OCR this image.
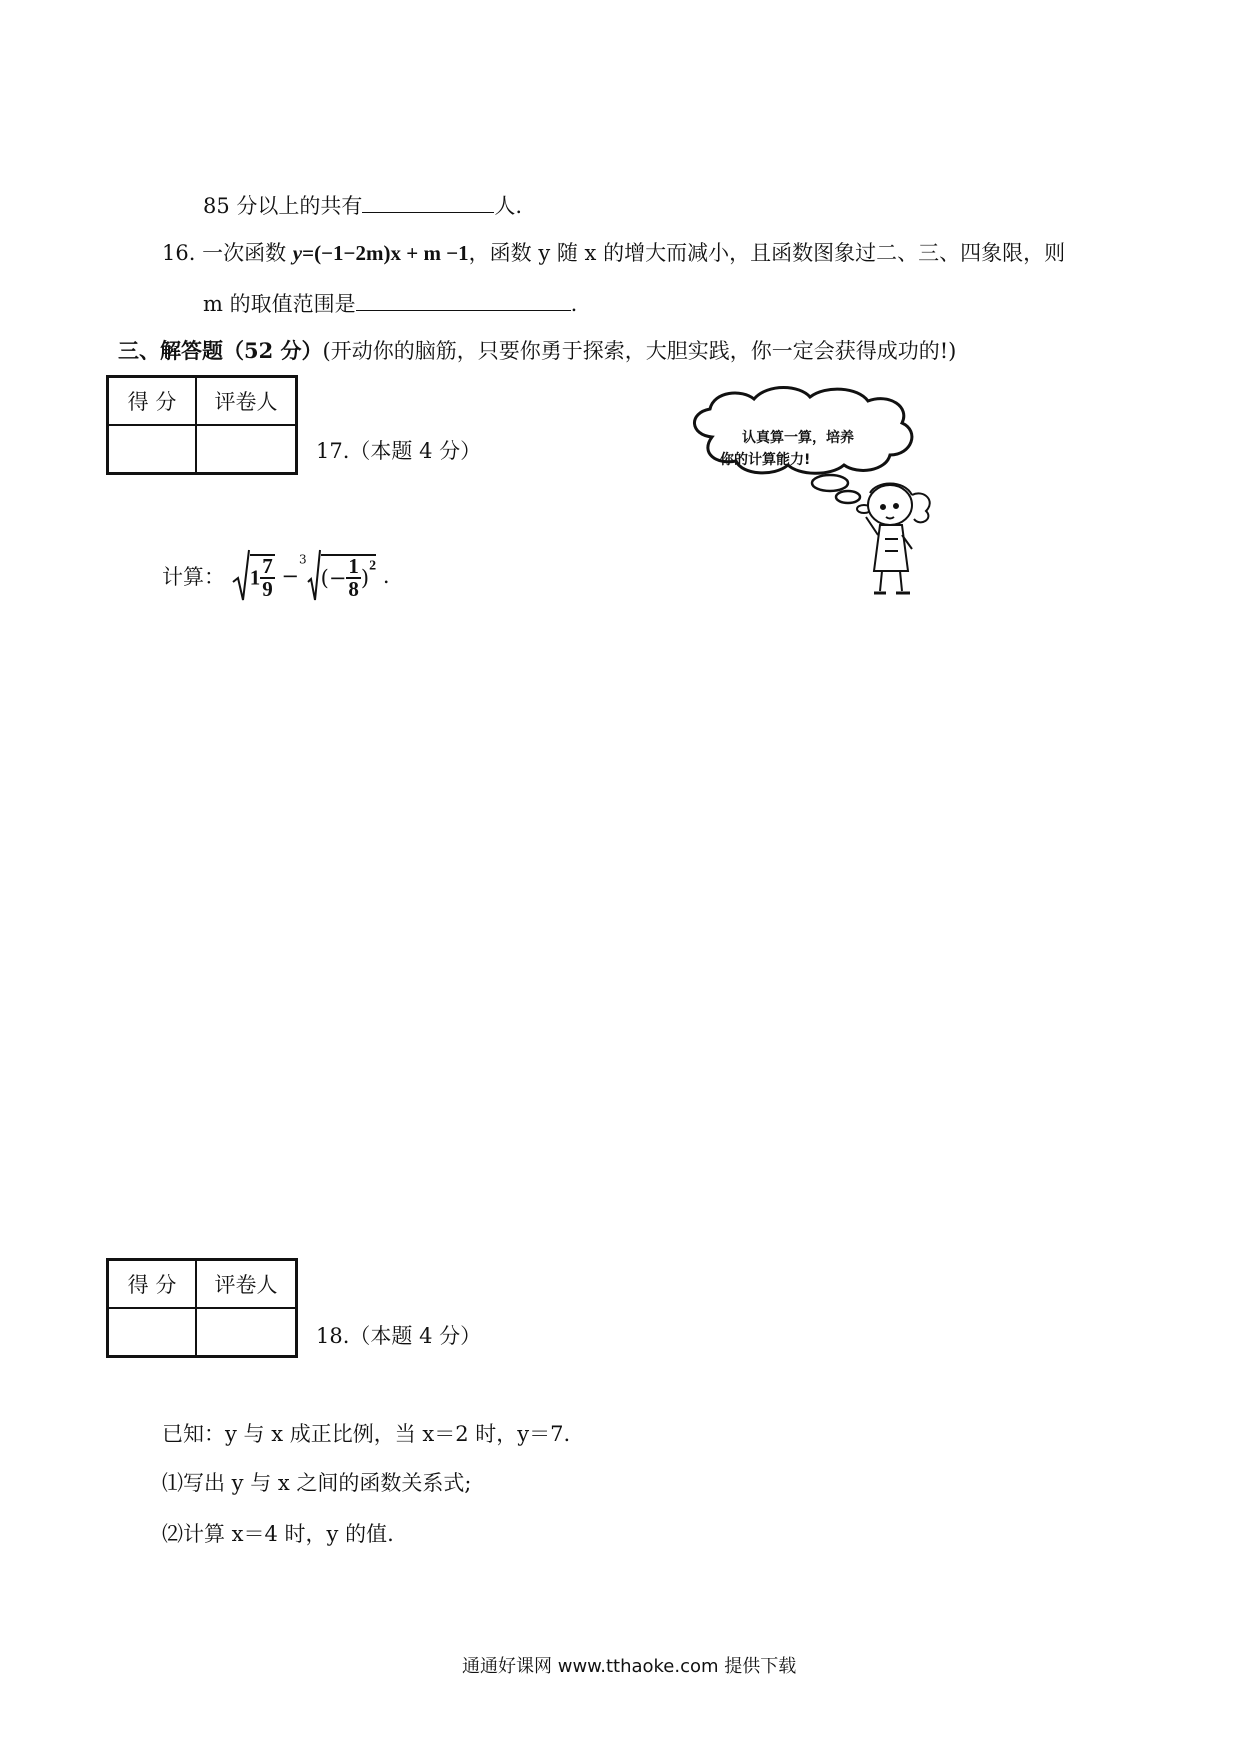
85 分以上的共有	人.
16. 一次函数 y=(−1−2m)x + m −1，函数 y 随 x 的增大而减小，且函数图象过二、三、四象限，则
m 的取值范围是	.
三、解答题（52 分）(开动你的脑筋，只要你勇于探索，大胆实践，你一定会获得成功的!)
得 分	评卷人

17.（本题 4 分）
计算： $1 \frac{7}{9} -^3(- \frac{1}{8} )^2$ .
认真算一算，培养
你的计算能力!
得 分	评卷人

18.（本题 4 分）
已知：y 与 x 成正比例，当 x＝2 时，y＝7.
⑴写出 y 与 x 之间的函数关系式;
⑵计算 x＝4 时，y 的值.
通通好课网 www.tthaoke.com 提供下载
